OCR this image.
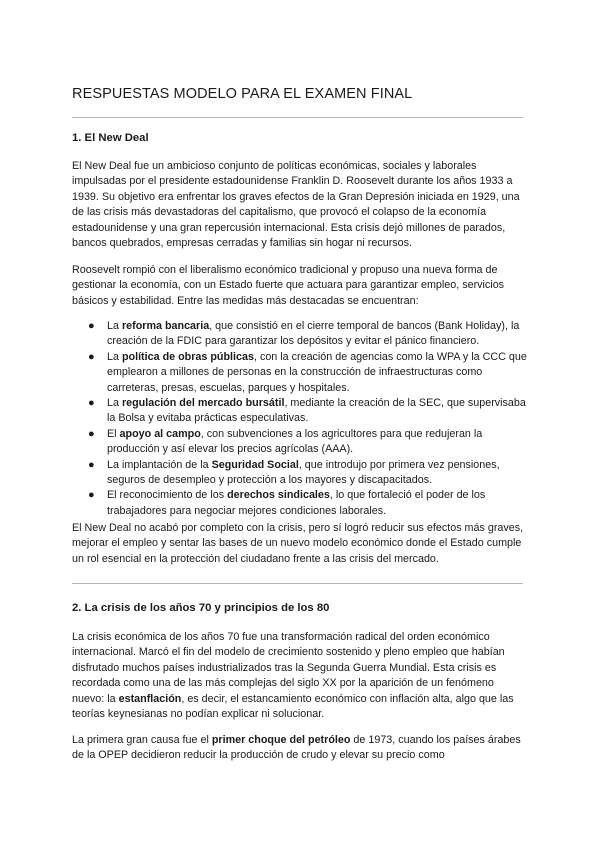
RESPUESTAS MODELO PARA EL EXAMEN FINAL
1. El New Deal

El New Deal fue un ambicioso conjunto de políticas económicas, sociales y laborales impulsadas por el presidente estadounidense Franklin D. Roosevelt durante los años 1933 a 1939. Su objetivo era enfrentar los graves efectos de la Gran Depresión iniciada en 1929, una de las crisis más devastadoras del capitalismo, que provocó el colapso de la economía estadounidense y una gran repercusión internacional. Esta crisis dejó millones de parados, bancos quebrados, empresas cerradas y familias sin hogar ni recursos.

Roosevelt rompió con el liberalismo económico tradicional y propuso una nueva forma de gestionar la economía, con un Estado fuerte que actuara para garantizar empleo, servicios básicos y estabilidad. Entre las medidas más destacadas se encuentran:

● La reforma bancaria, que consistió en el cierre temporal de bancos (Bank Holiday), la creación de la FDIC para garantizar los depósitos y evitar el pánico financiero.
● La política de obras públicas, con la creación de agencias como la WPA y la CCC que emplearon a millones de personas en la construcción de infraestructuras como carreteras, presas, escuelas, parques y hospitales.
● La regulación del mercado bursátil, mediante la creación de la SEC, que supervisaba la Bolsa y evitaba prácticas especulativas.
● El apoyo al campo, con subvenciones a los agricultores para que redujeran la producción y así elevar los precios agrícolas (AAA).
● La implantación de la Seguridad Social, que introdujo por primera vez pensiones, seguros de desempleo y protección a los mayores y discapacitados.
● El reconocimiento de los derechos sindicales, lo que fortaleció el poder de los trabajadores para negociar mejores condiciones laborales.

El New Deal no acabó por completo con la crisis, pero sí logró reducir sus efectos más graves, mejorar el empleo y sentar las bases de un nuevo modelo económico donde el Estado cumple un rol esencial en la protección del ciudadano frente a las crisis del mercado.

2. La crisis de los años 70 y principios de los 80

La crisis económica de los años 70 fue una transformación radical del orden económico internacional. Marcó el fin del modelo de crecimiento sostenido y pleno empleo que habían disfrutado muchos países industrializados tras la Segunda Guerra Mundial. Esta crisis es recordada como una de las más complejas del siglo XX por la aparición de un fenómeno nuevo: la estanflación, es decir, el estancamiento económico con inflación alta, algo que las teorías keynesianas no podían explicar ni solucionar.

La primera gran causa fue el primer choque del petróleo de 1973, cuando los países árabes de la OPEP decidieron reducir la producción de crudo y elevar su precio como
